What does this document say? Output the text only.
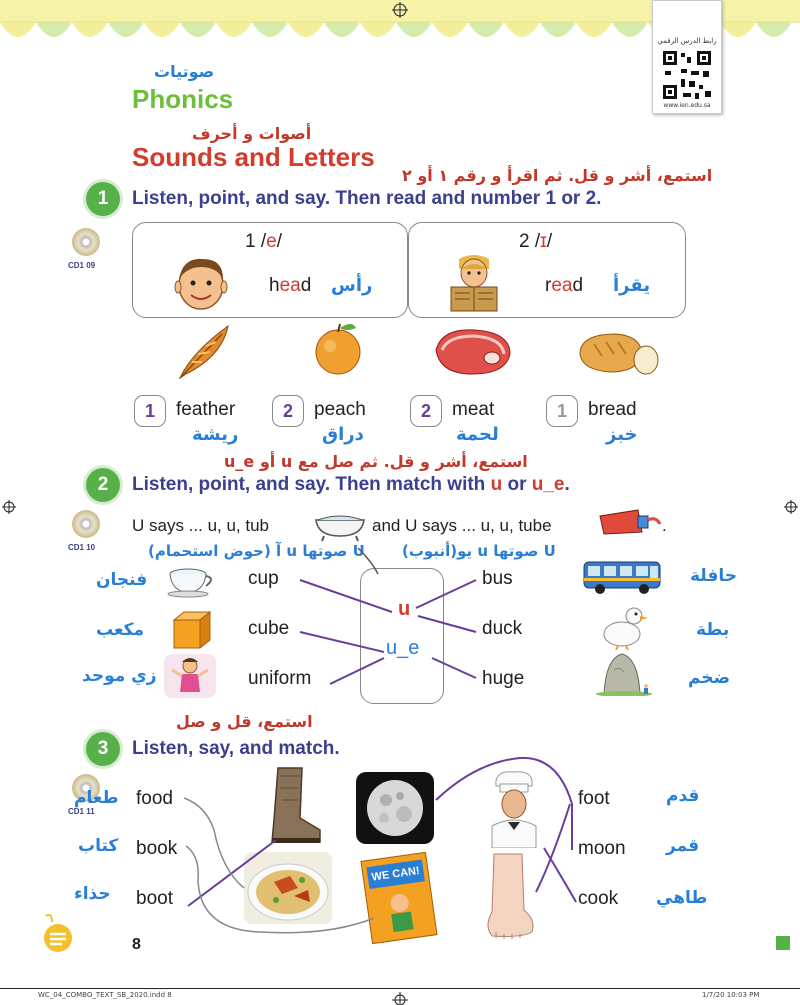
رابط الدرس الرقمي
www.ien.edu.sa
صوتيات
Phonics
أصوات و أحرف
Sounds and Letters
استمع، أشر و قل. ثم اقرأ و رقم ١ أو ٢
1	Listen, point, and say. Then read and number 1 or 2.
CD1 09
1 /e/
head رأس
2 /ɪ/
read يقرأ
1	feather
ريشة
2	peach
دراق
2	meat
لحمة
1	bread
خبز
استمع، أشر و قل. ثم صل مع u أو u_e
2	Listen, point, and say. Then match with u or u_e.
CD1 10
U says ... u, u, tub	and U says ... u, u, tube	.
U صوتها u آ (حوض استحمام) U صوتها u يو(أنبوب)
u
u_e
فنجان	cup
مكعب	cube
زي موحد	uniform
bus	حافلة
duck	بطة
huge	ضخم
استمع، قل و صل
3	Listen, say, and match.
CD1 11
طعام food
كتاب book
حذاء boot
foot	قدم
moon قمر
cook طاهي
WE CAN!
8
WC_04_COMBO_TEXT_SB_2020.indd 8	1/7/20 10:03 PM
